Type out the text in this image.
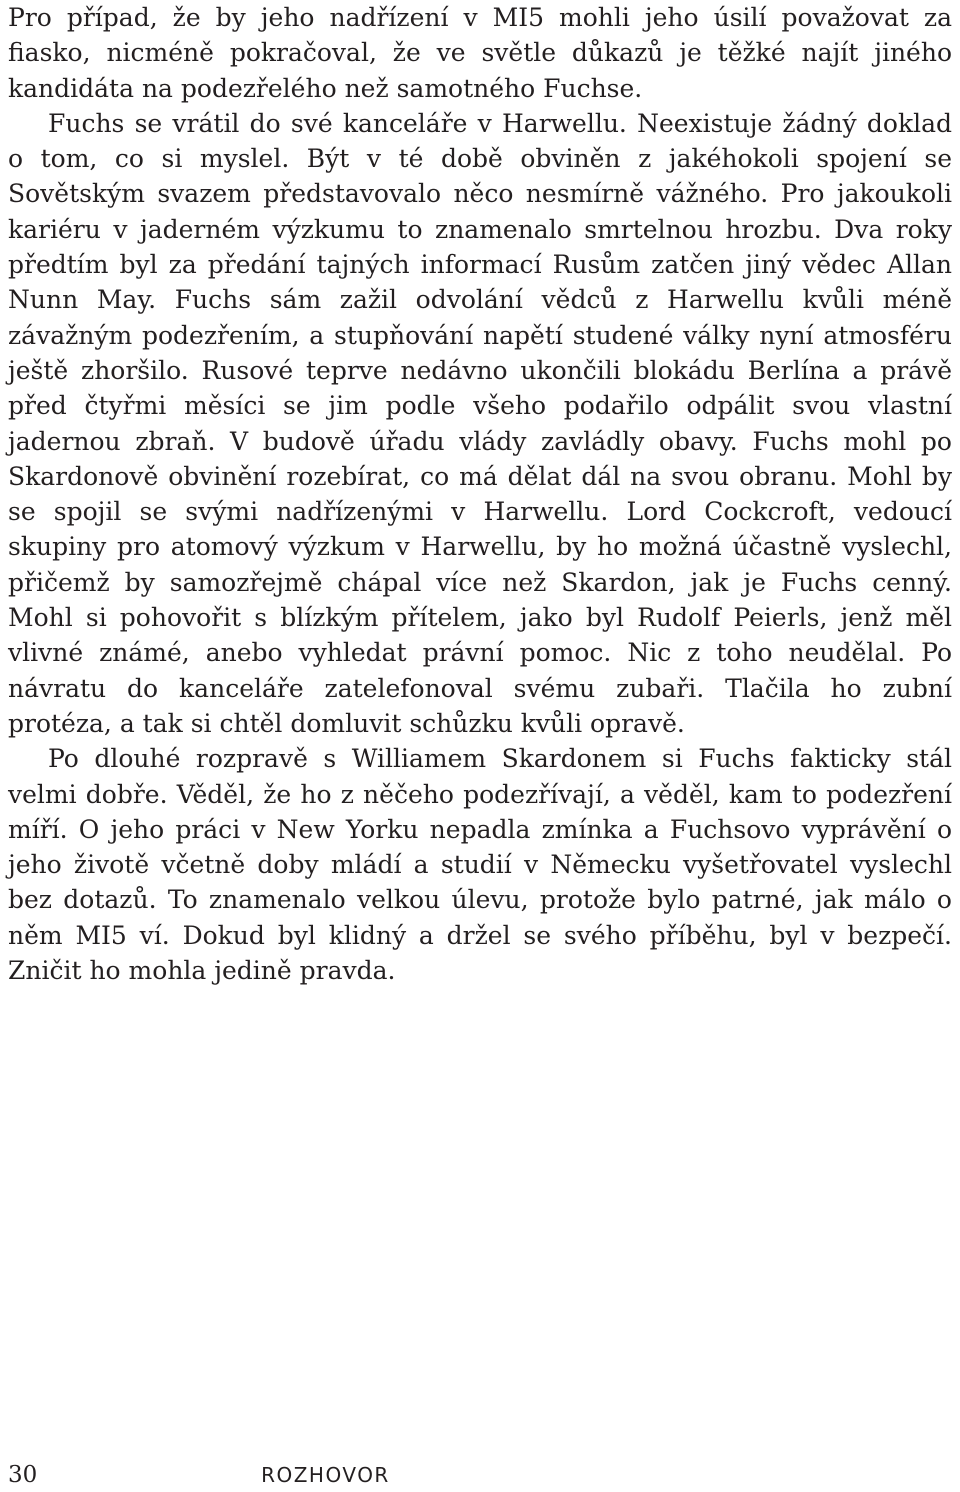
Pro případ, že by jeho nadřízení v MI5 mohli jeho úsilí považovat za fiasko, nicméně pokračoval, že ve světle důkazů je těžké najít jiného kandidáta na podezřelého než samotného Fuchse.

Fuchs se vrátil do své kanceláře v Harwellu. Neexistuje žádný doklad o tom, co si myslel. Být v té době obviněn z jakéhokoli spojení se Sovětským svazem představovalo něco nesmírně vážného. Pro jakoukoli kariéru v jaderném výzkumu to znamenalo smrtelnou hrozbu. Dva roky předtím byl za předání tajných informací Rusům zatčen jiný vědec Allan Nunn May. Fuchs sám zažil odvolání vědců z Harwellu kvůli méně závažným podezřením, a stupňování napětí studené války nyní atmosféru ještě zhoršilo. Rusové teprve nedávno ukončili blokádu Berlína a právě před čtyřmi měsíci se jim podle všeho podařilo odpálit svou vlastní jadernou zbraň. V budově úřadu vlády zavládly obavy. Fuchs mohl po Skardonově obvinění rozebírat, co má dělat dál na svou obranu. Mohl by se spojil se svými nadřízenými v Harwellu. Lord Cockcroft, vedoucí skupiny pro atomový výzkum v Harwellu, by ho možná účastně vyslechl, přičemž by samozřejmě chápal více než Skardon, jak je Fuchs cenný. Mohl si pohovořit s blízkým přítelem, jako byl Rudolf Peierls, jenž měl vlivné známé, anebo vyhledat právní pomoc. Nic z toho neudělal. Po návratu do kanceláře zatelefonoval svému zubaři. Tlačila ho zubní protéza, a tak si chtěl domluvit schůzku kvůli opravě.

Po dlouhé rozpravě s Williamem Skardonem si Fuchs fakticky stál velmi dobře. Věděl, že ho z něčeho podezřívají, a věděl, kam to podezření míří. O jeho práci v New Yorku nepadla zmínka a Fuchsovo vyprávění o jeho životě včetně doby mládí a studií v Německu vyšetřovatel vyslechl bez dotazů. To znamenalo velkou úlevu, protože bylo patrné, jak málo o něm MI5 ví. Dokud byl klidný a držel se svého příběhu, byl v bezpečí. Zničit ho mohla jedině pravda.

30	ROZHOVOR
